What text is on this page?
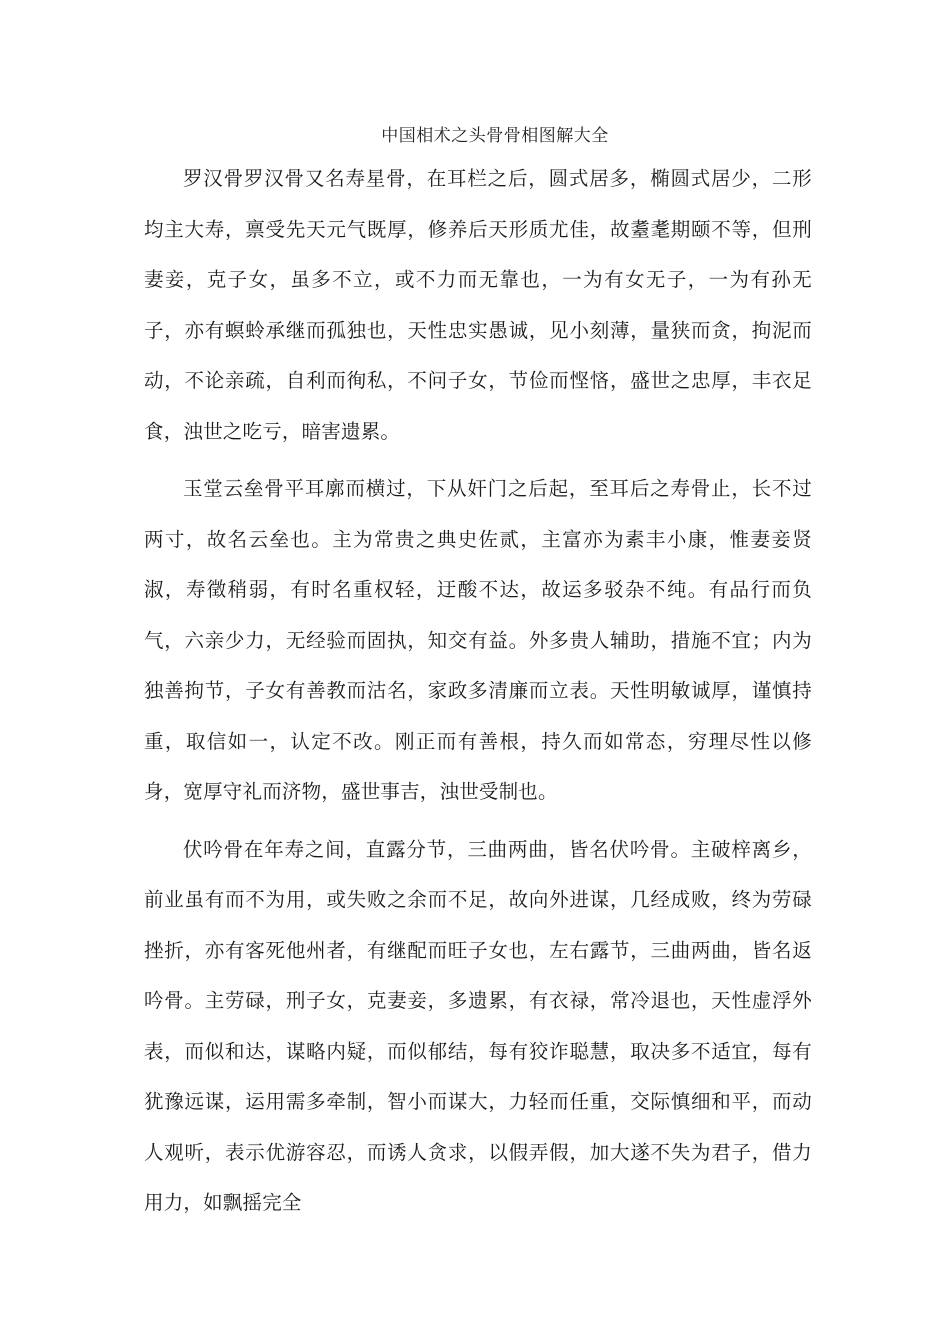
中国相术之头骨骨相图解大全

罗汉骨罗汉骨又名寿星骨，在耳栏之后，圆式居多，椭圆式居少，二形均主大寿，禀受先天元气既厚，修养后天形质尤佳，故耋耄期颐不等，但刑妻妾，克子女，虽多不立，或不力而无靠也，一为有女无子，一为有孙无子，亦有螟蛉承继而孤独也，天性忠实愚诚，见小刻薄，量狭而贪，拘泥而动，不论亲疏，自利而徇私，不问子女，节俭而悭悋，盛世之忠厚，丰衣足食，浊世之吃亏，暗害遗累。

玉堂云垒骨平耳廓而横过，下从奸门之后起，至耳后之寿骨止，长不过两寸，故名云垒也。主为常贵之典史佐贰，主富亦为素丰小康，惟妻妾贤淑，寿徵稍弱，有时名重权轻，迂酸不达，故运多驳杂不纯。有品行而负气，六亲少力，无经验而固执，知交有益。外多贵人辅助，措施不宜；内为独善拘节，子女有善教而沽名，家政多清廉而立表。天性明敏诚厚，谨慎持重，取信如一，认定不改。刚正而有善根，持久而如常态，穷理尽性以修身，宽厚守礼而济物，盛世事吉，浊世受制也。

伏吟骨在年寿之间，直露分节，三曲两曲，皆名伏吟骨。主破梓离乡，前业虽有而不为用，或失败之余而不足，故向外进谋，几经成败，终为劳碌挫折，亦有客死他州者，有继配而旺子女也，左右露节，三曲两曲，皆名返吟骨。主劳碌，刑子女，克妻妾，多遗累，有衣禄，常冷退也，天性虚浮外表，而似和达，谋略内疑，而似郁结，每有狡诈聪慧，取决多不适宜，每有犹豫远谋，运用需多牵制，智小而谋大，力轻而任重，交际慎细和平，而动人观听，表示优游容忍，而诱人贪求，以假弄假，加大遂不失为君子，借力用力，如飘摇完全
